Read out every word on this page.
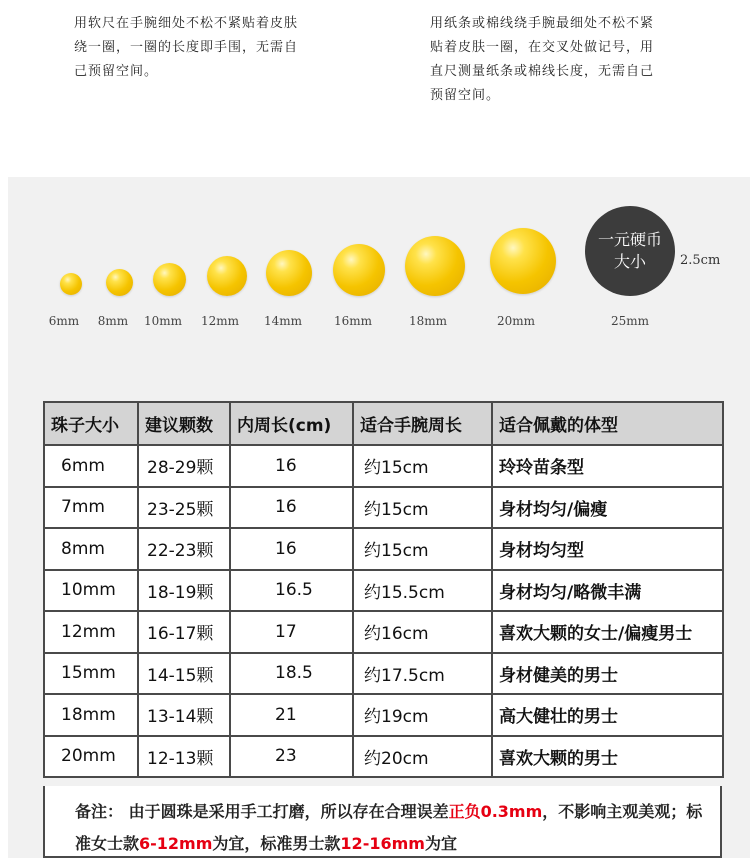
用软尺在手腕细处不松不紧贴着皮肤
绕一圈，一圈的长度即手围，无需自
己预留空间。
用纸条或棉线绕手腕最细处不松不紧
贴着皮肤一圈，在交叉处做记号，用
直尺测量纸条或棉线长度，无需自己
预留空间。
6mm 8mm 10mm 12mm 14mm	16mm	18mm	20mm
一元硬币
大小	2.5cm
25mm
珠子大小	建议颗数	内周长(cm)	适合手腕周长	适合佩戴的体型
6mm	28-29颗	16	约15cm	玲玲苗条型
7mm	23-25颗	16	约15cm	身材均匀/偏瘦
8mm	22-23颗	16	约15cm	身材均匀型
10mm	18-19颗	16.5	约15.5cm	身材均匀/略微丰满
12mm	16-17颗	17	约16cm	喜欢大颗的女士/偏瘦男士
15mm	14-15颗	18.5	约17.5cm	身材健美的男士
18mm	13-14颗	21	约19cm	高大健壮的男士
20mm	12-13颗	23	约20cm	喜欢大颗的男士
备注： 由于圆珠是采用手工打磨，所以存在合理误差正负0.3mm，不影响主观美观；标准女士款6-12mm为宜，标准男士款12-16mm为宜
